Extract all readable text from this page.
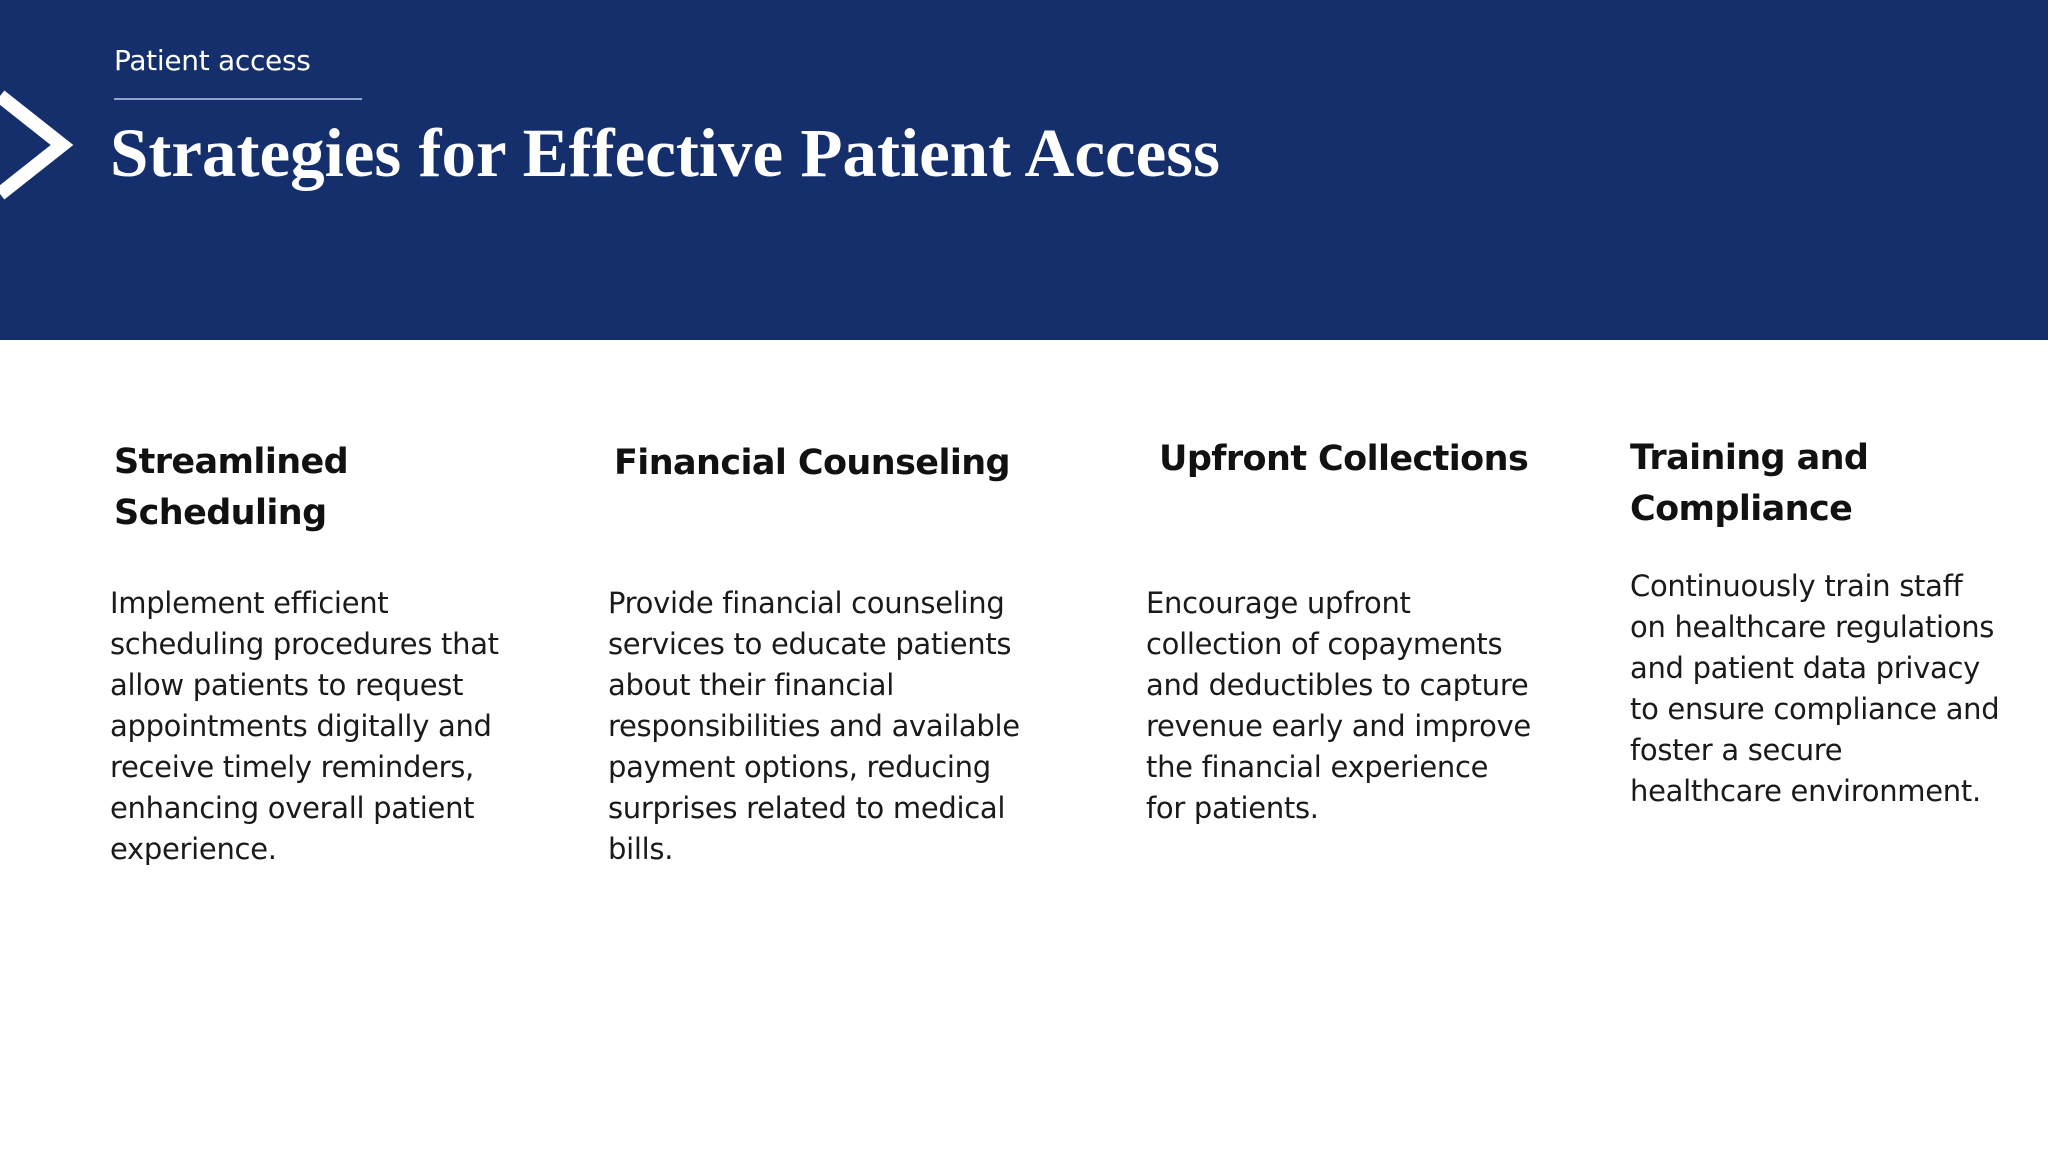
Patient access
Strategies for Effective Patient Access
Streamlined Scheduling

Implement efficient scheduling procedures that allow patients to request appointments digitally and receive timely reminders, enhancing overall patient experience.

Financial Counseling

Provide financial counseling services to educate patients about their financial responsibilities and available payment options, reducing surprises related to medical bills.

Upfront Collections

Encourage upfront collection of copayments and deductibles to capture revenue early and improve the financial experience for patients.

Training and Compliance

Continuously train staff on healthcare regulations and patient data privacy to ensure compliance and foster a secure healthcare environment.
